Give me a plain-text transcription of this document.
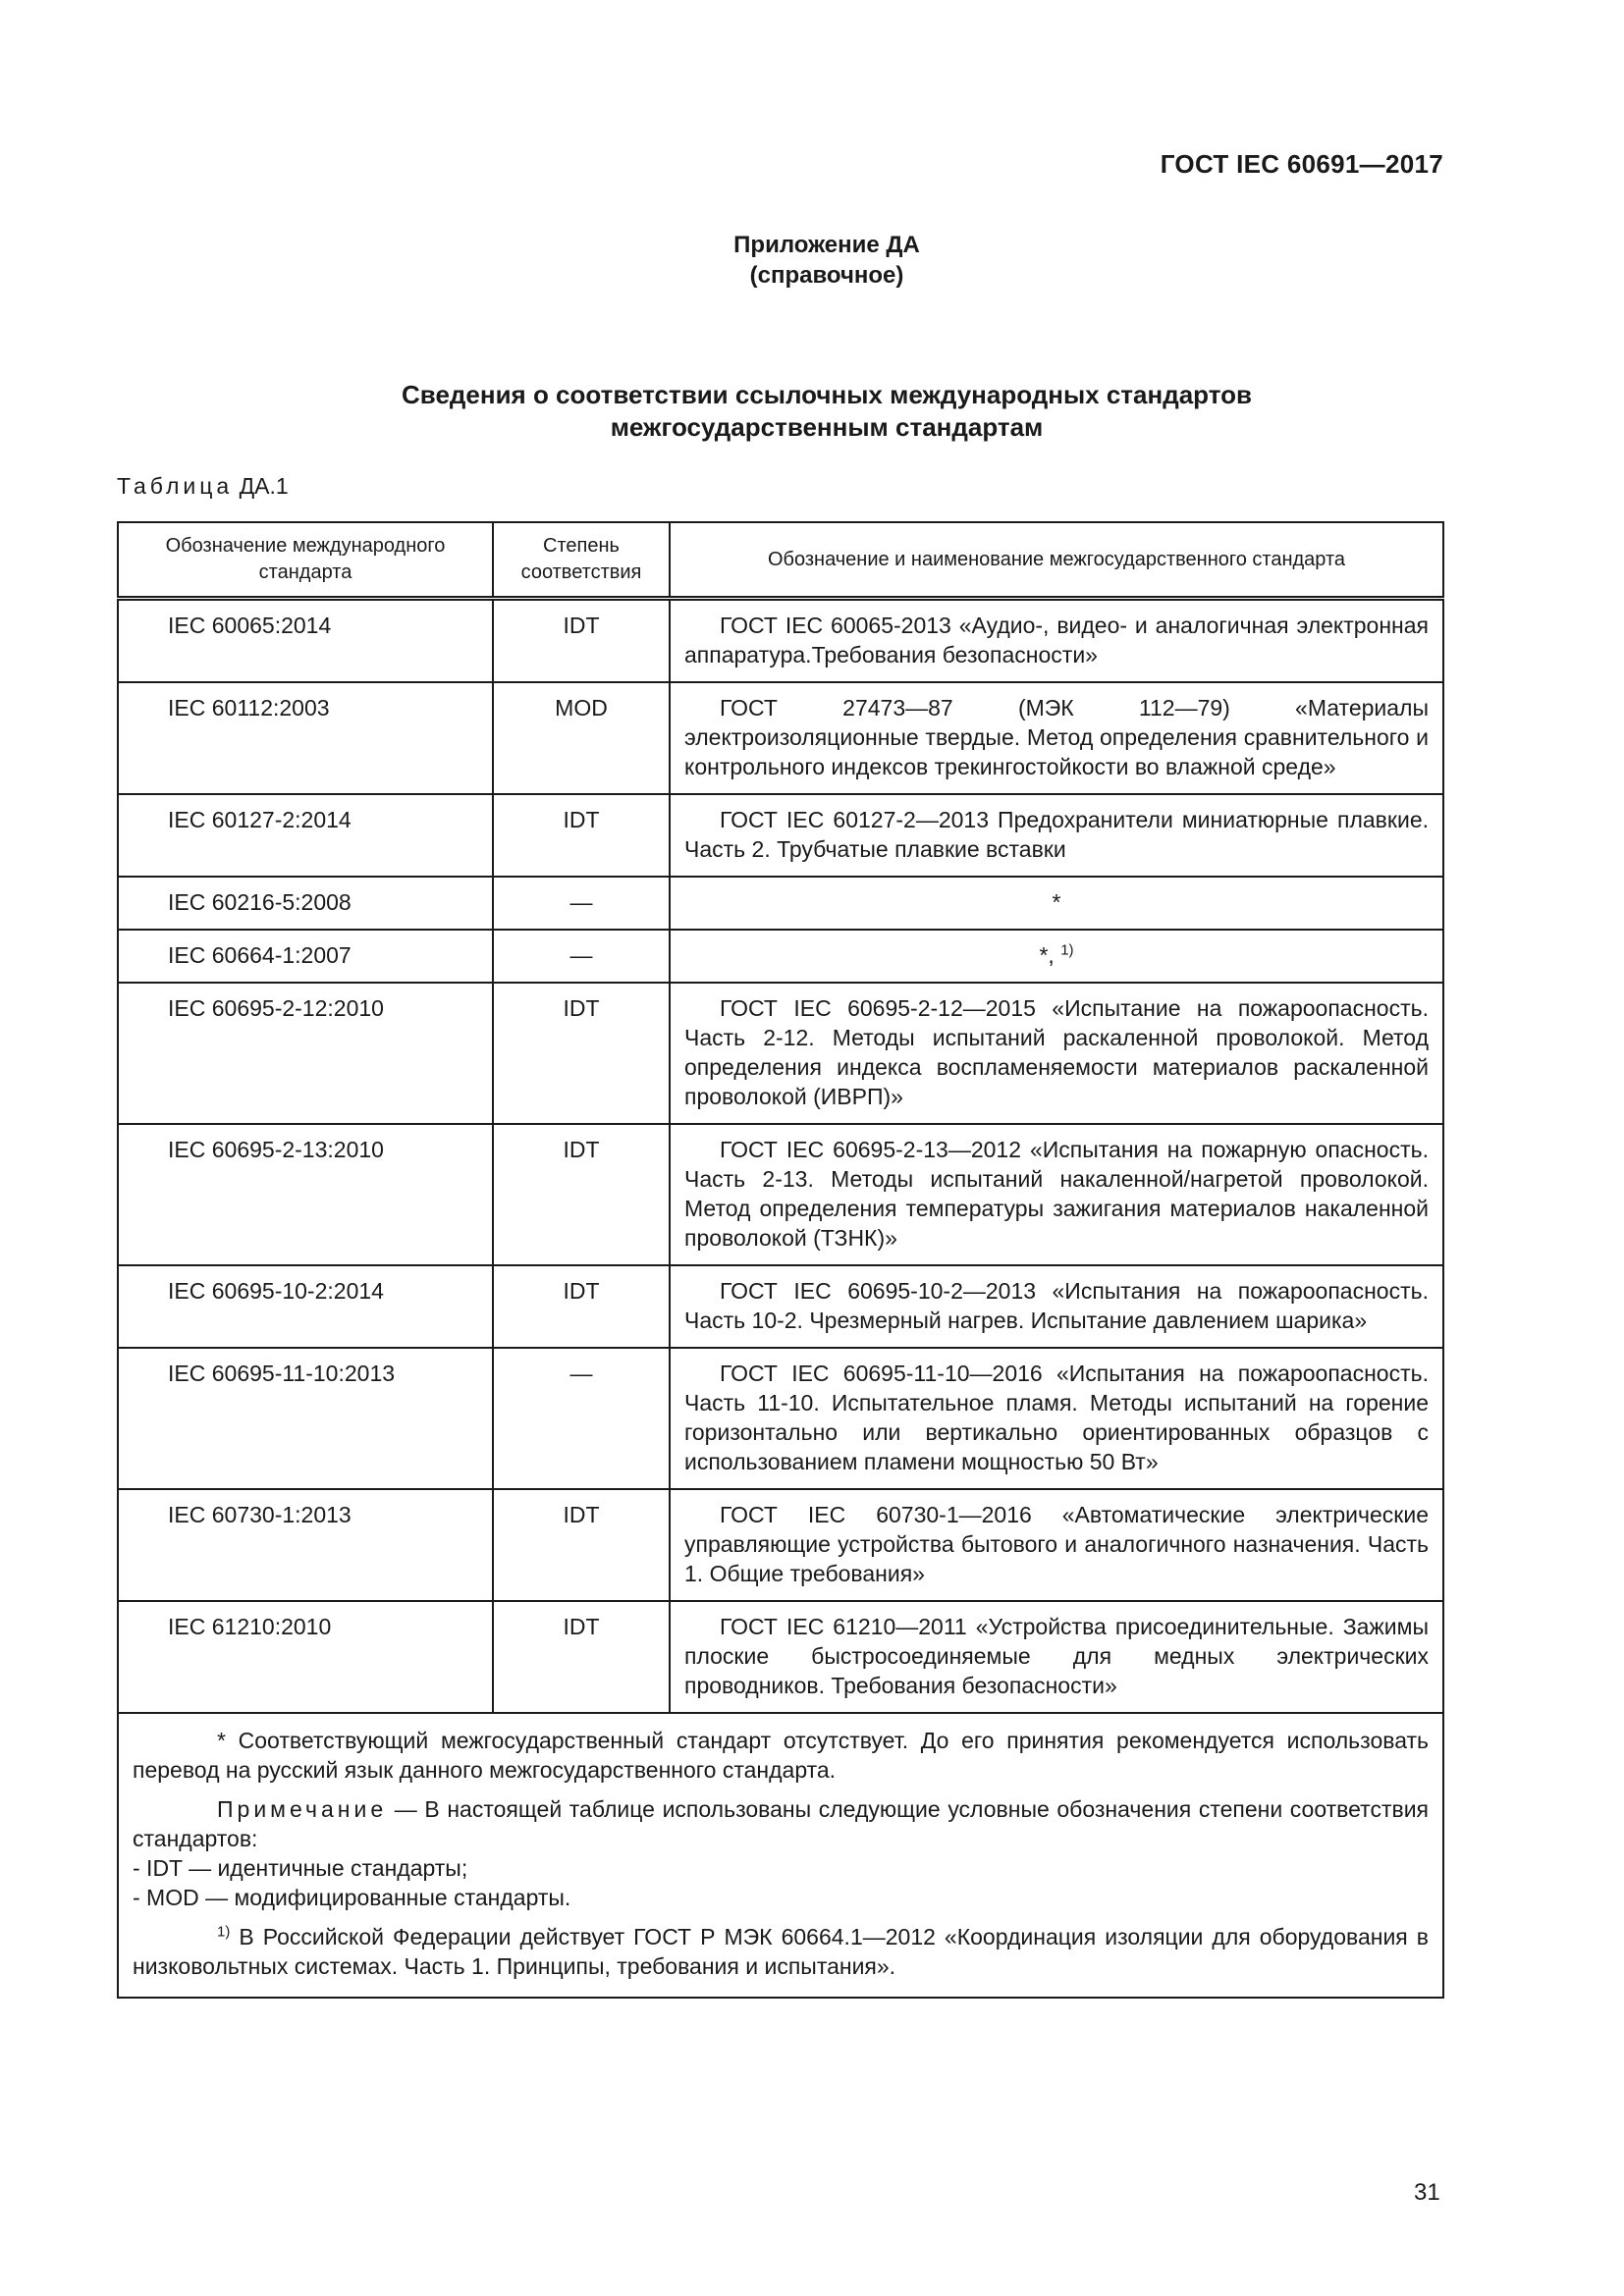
ГОСТ IEC 60691—2017
Приложение ДА
(справочное)
Сведения о соответствии ссылочных международных стандартов
межгосударственным стандартам
Таблица ДА.1
Обозначение международного стандарта	Степень соответствия	Обозначение и наименование межгосударственного стандарта
IEC 60065:2014	IDT	ГОСТ IEC 60065-2013 «Аудио-, видео- и аналогичная электронная аппаратура.Требования безопасности»
IEC 60112:2003	MOD	ГОСТ 27473—87 (МЭК 112—79) «Материалы электроизоляционные твердые. Метод определения сравнительного и контрольного индексов трекингостойкости во влажной среде»
IEC 60127-2:2014	IDT	ГОСТ IEC 60127-2—2013 Предохранители миниатюрные плавкие. Часть 2. Трубчатые плавкие вставки
IEC 60216-5:2008	—	*
IEC 60664-1:2007	—	*, $^{1)}$
IEC 60695-2-12:2010	IDT	ГОСТ IEC 60695-2-12—2015 «Испытание на пожароопасность. Часть 2-12. Методы испытаний раскаленной проволокой. Метод определения индекса воспламеняемости материалов раскаленной проволокой (ИВРП)»
IEC 60695-2-13:2010	IDT	ГОСТ IEC 60695-2-13—2012 «Испытания на пожарную опасность. Часть 2-13. Методы испытаний накаленной/нагретой проволокой. Метод определения температуры зажигания материалов накаленной проволокой (ТЗНК)»
IEC 60695-10-2:2014	IDT	ГОСТ IEC 60695-10-2—2013 «Испытания на пожароопасность. Часть 10-2. Чрезмерный нагрев. Испытание давлением шарика»
IEC 60695-11-10:2013	—	ГОСТ IEC 60695-11-10—2016 «Испытания на пожароопасность. Часть 11-10. Испытательное пламя. Методы испытаний на горение горизонтально или вертикально ориентированных образцов с использованием пламени мощностью 50 Вт»
IEC 60730-1:2013	IDT	ГОСТ IEC 60730-1—2016 «Автоматические электрические управляющие устройства бытового и аналогичного назначения. Часть 1. Общие требования»
IEC 61210:2010	IDT	ГОСТ IEC 61210—2011 «Устройства присоединительные. Зажимы плоские быстросоединяемые для медных электрических проводников. Требования безопасности»

* Соответствующий межгосударственный стандарт отсутствует. До его принятия рекомендуется использовать перевод на русский язык данного межгосударственного стандарта.

Примечание — В настоящей таблице использованы следующие условные обозначения степени соответствия стандартов:
- IDT — идентичные стандарты;
- MOD — модифицированные стандарты.

$^{1)}$ В Российской Федерации действует ГОСТ Р МЭК 60664.1—2012 «Координация изоляции для оборудования в низковольтных системах. Часть 1. Принципы, требования и испытания».		

31
